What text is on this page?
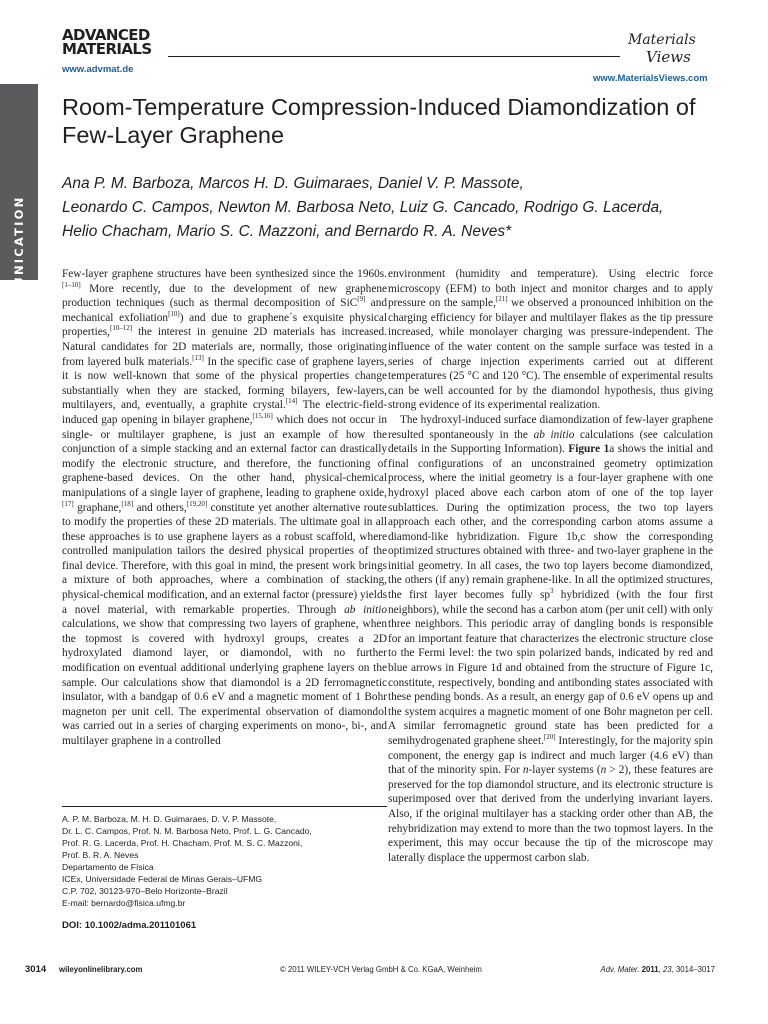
COMMUNICATION
ADVANCED
MATERIALS
www.advmat.de
Materials
Views
www.MaterialsViews.com
Room-Temperature Compression-Induced Diamondization of Few-Layer Graphene
Ana P. M. Barboza, Marcos H. D. Guimaraes, Daniel V. P. Massote,
Leonardo C. Campos, Newton M. Barbosa Neto, Luiz G. Cancado, Rodrigo G. Lacerda,
Helio Chacham, Mario S. C. Mazzoni, and Bernardo R. A. Neves*

Few-layer graphene structures have been synthesized since the 1960s.[1–10] More recently, due to the development of new graphene production techniques (such as thermal decomposition of SiC[9] and mechanical exfoliation[10]) and due to graphene´s exquisite physical properties,[10–12] the interest in genuine 2D materials has increased. Natural candidates for 2D materials are, normally, those originating from layered bulk materials.[13] In the specific case of graphene layers, it is now well-known that some of the physical properties change substantially when they are stacked, forming bilayers, few-layers, multilayers, and, eventually, a graphite crystal.[14] The electric-field-induced gap opening in bilayer graphene,[15,16] which does not occur in single- or multilayer graphene, is just an example of how the conjunction of a simple stacking and an external factor can drastically modify the electronic structure, and therefore, the functioning of graphene-based devices. On the other hand, physical-chemical manipulations of a single layer of graphene, leading to graphene oxide,[17] graphane,[18] and others,[19,20] constitute yet another alternative route to modify the properties of these 2D materials. The ultimate goal in all these approaches is to use graphene layers as a robust scaffold, where controlled manipulation tailors the desired physical properties of the final device. Therefore, with this goal in mind, the present work brings a mixture of both approaches, where a combination of stacking, physical-chemical modification, and an external factor (pressure) yields a novel material, with remarkable properties. Through ab initio calculations, we show that compressing two layers of graphene, when the topmost is covered with hydroxyl groups, creates a 2D hydroxylated diamond layer, or diamondol, with no further modification on eventual additional underlying graphene layers on the sample. Our calculations show that diamondol is a 2D ferromagnetic insulator, with a bandgap of 0.6 eV and a magnetic moment of 1 Bohr magneton per unit cell. The experimental observation of diamondol was carried out in a series of charging experiments on mono-, bi-, and multilayer graphene in a controlled

environment (humidity and temperature). Using electric force microscopy (EFM) to both inject and monitor charges and to apply pressure on the sample,[21] we observed a pronounced inhibition on the charging efficiency for bilayer and multilayer flakes as the tip pressure increased, while monolayer charging was pressure-independent. The influence of the water content on the sample surface was tested in a series of charge injection experiments carried out at different temperatures (25 °C and 120 °C). The ensemble of experimental results can be well accounted for by the diamondol hypothesis, thus giving strong evidence of its experimental realization.

The hydroxyl-induced surface diamondization of few-layer graphene resulted spontaneously in the ab initio calculations (see calculation details in the Supporting Information). Figure 1a shows the initial and final configurations of an unconstrained geometry optimization process, where the initial geometry is a four-layer graphene with one hydroxyl placed above each carbon atom of one of the top layer sublattices. During the optimization process, the two top layers approach each other, and the corresponding carbon atoms assume a diamond-like hybridization. Figure 1b,c show the corresponding optimized structures obtained with three- and two-layer graphene in the initial geometry. In all cases, the two top layers become diamondized, the others (if any) remain graphene-like. In all the optimized structures, the first layer becomes fully $sp^3$ hybridized (with the four first neighbors), while the second has a carbon atom (per unit cell) with only three neighbors. This periodic array of dangling bonds is responsible for an important feature that characterizes the electronic structure close to the Fermi level: the two spin polarized bands, indicated by red and blue arrows in Figure 1d and obtained from the structure of Figure 1c, constitute, respectively, bonding and antibonding states associated with these pending bonds. As a result, an energy gap of 0.6 eV opens up and the system acquires a magnetic moment of one Bohr magneton per cell. A similar ferromagnetic ground state has been predicted for a semihydrogenated graphene sheet.[20] Interestingly, for the majority spin component, the energy gap is indirect and much larger (4.6 eV) than that of the minority spin. For n-layer systems (n > 2), these features are preserved for the top diamondol structure, and its electronic structure is superimposed over that derived from the underlying invariant layers. Also, if the original multilayer has a stacking order other than AB, the rehybridization may extend to more than the two topmost layers. In the experiment, this may occur because the tip of the microscope may laterally displace the uppermost carbon slab.

A. P. M. Barboza, M. H. D. Guimaraes, D. V. P. Massote,
Dr. L. C. Campos, Prof. N. M. Barbosa Neto, Prof. L. G. Cancado,
Prof. R. G. Lacerda, Prof. H. Chacham, Prof. M. S. C. Mazzoni,
Prof. B. R. A. Neves
Departamento de Física
ICEx, Universidade Federal de Minas Gerais–UFMG
C.P. 702, 30123-970–Belo Horizonte–Brazil
E-mail: bernardo@fisica.ufmg.br
DOI: 10.1002/adma.201101061
3014 wileyonlinelibrary.com	© 2011 WILEY-VCH Verlag GmbH & Co. KGaA, Weinheim	Adv. Mater. 2011, 23, 3014–3017
